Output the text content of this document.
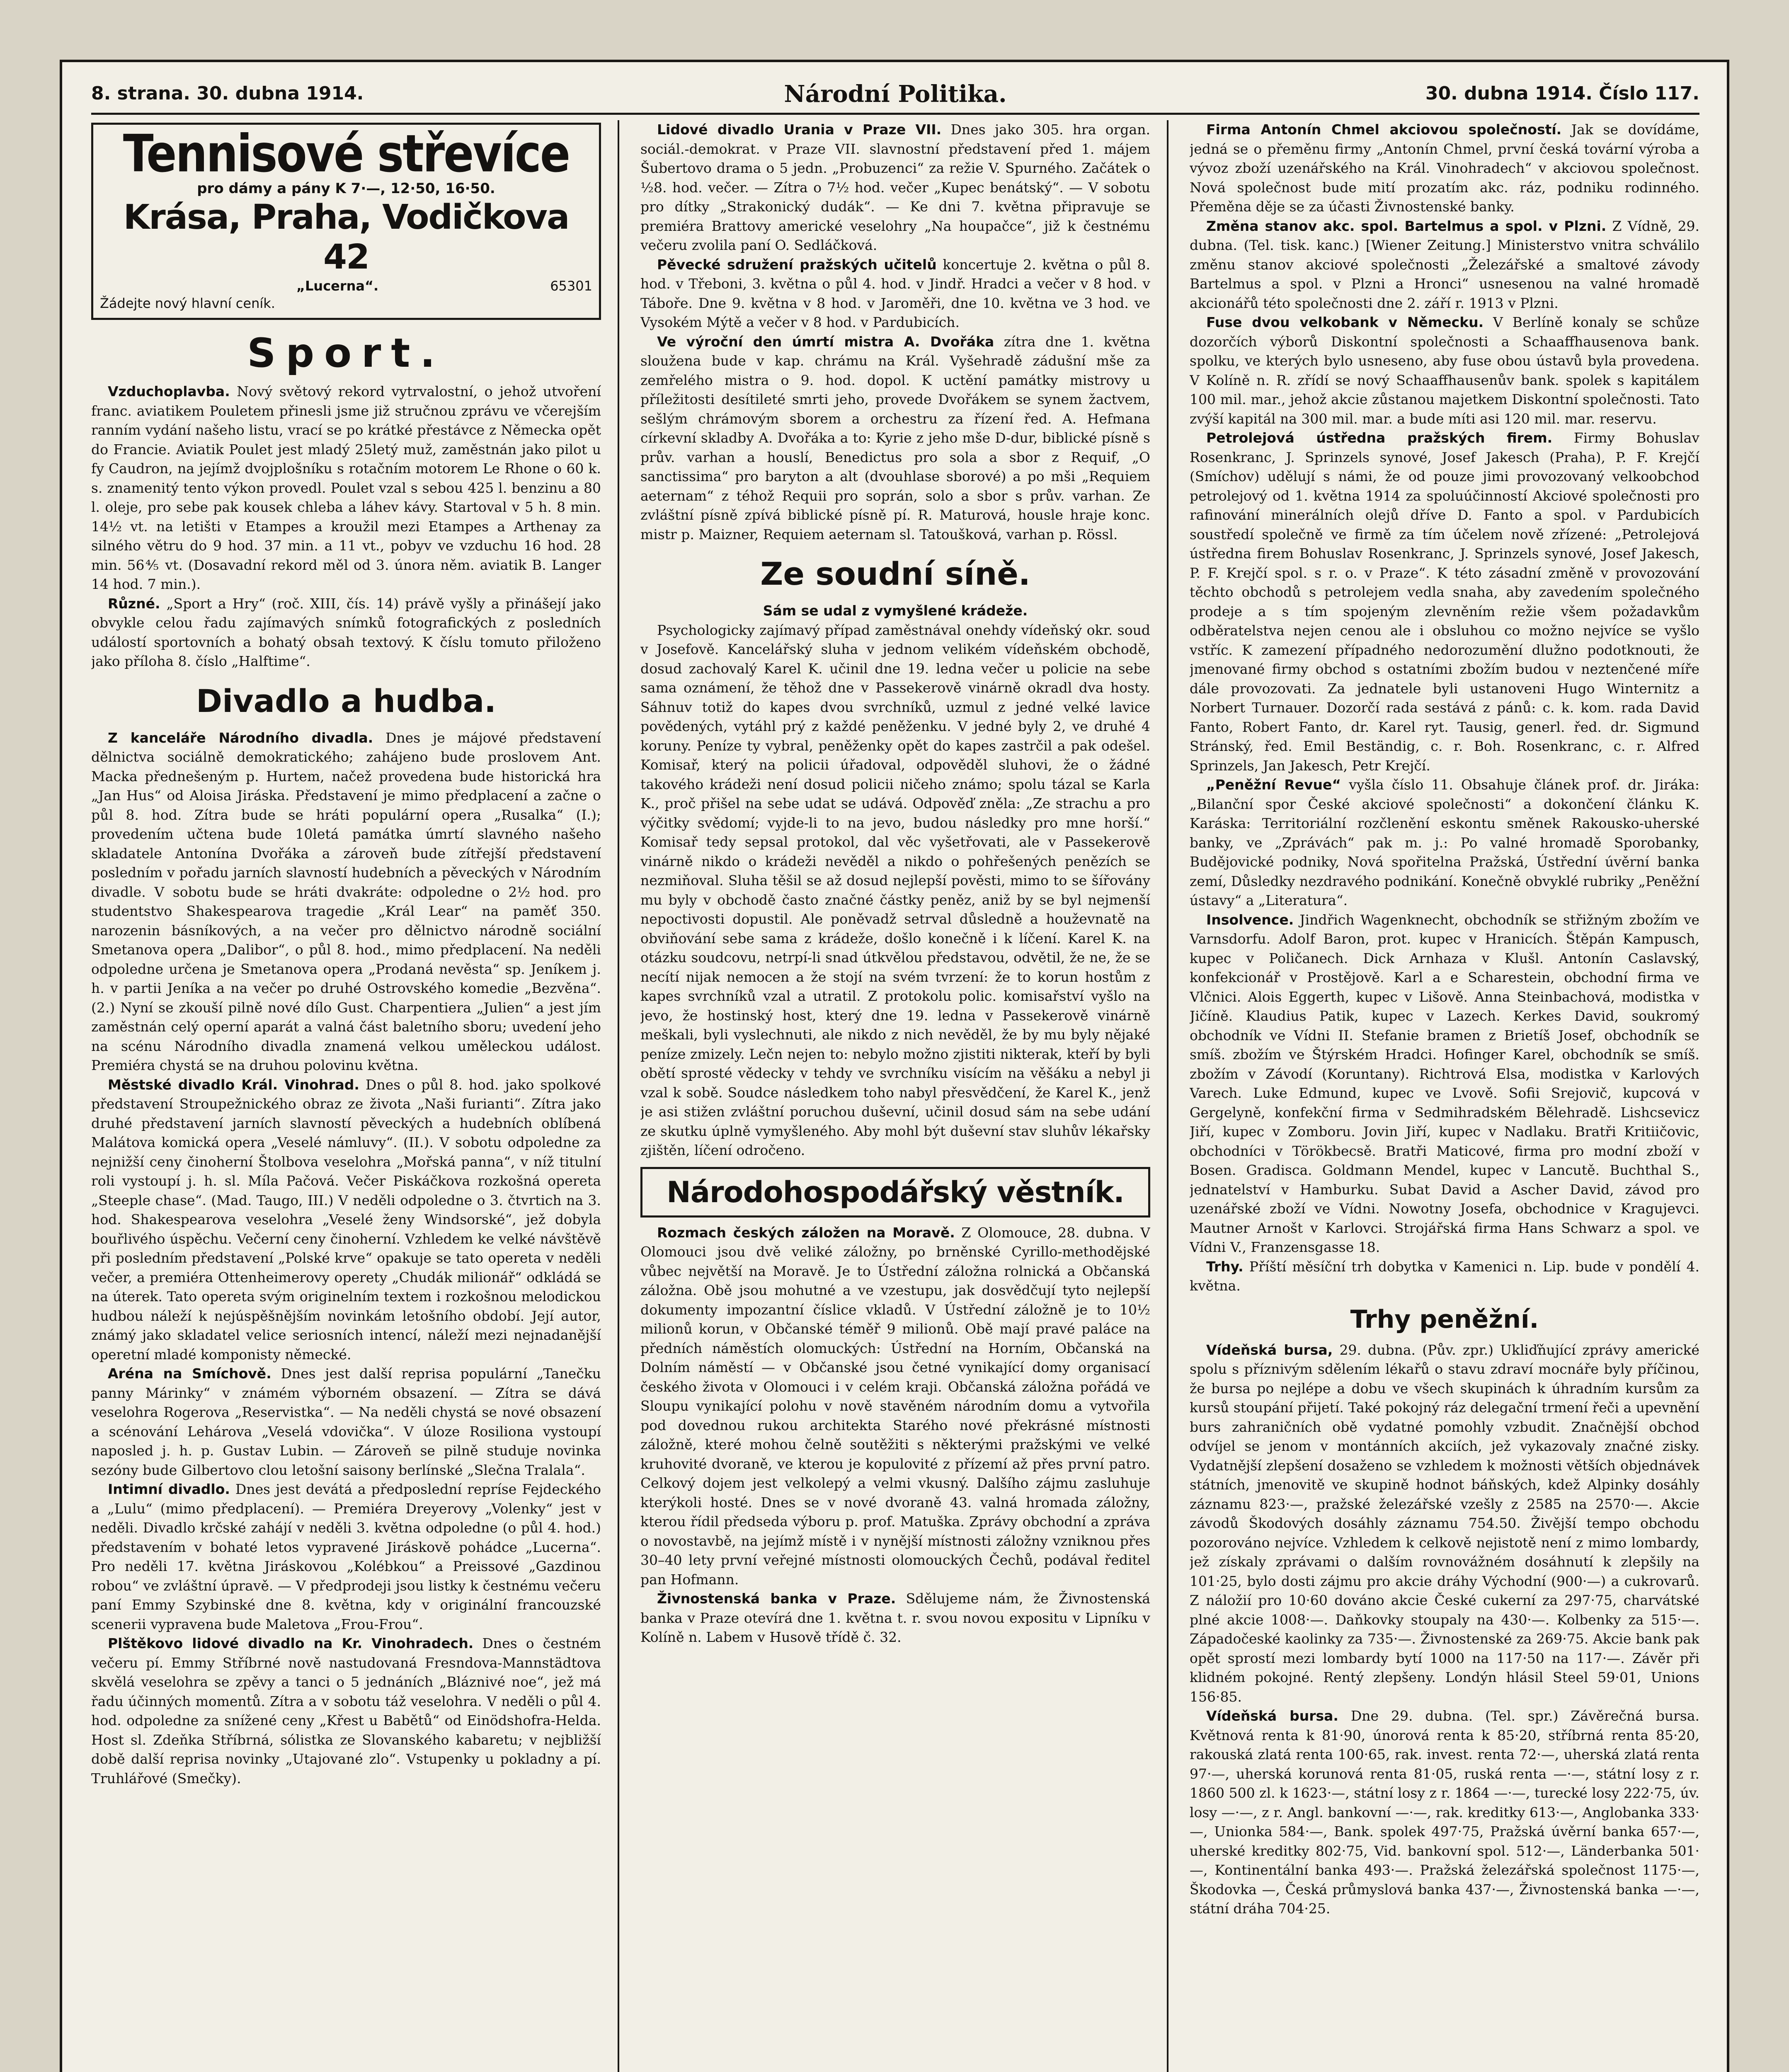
8. strana. 30. dubna 1914.	Národní Politika.	30. dubna 1914. Číslo 117.
Tennisové střevíce
pro dámy a pány K 7·—, 12·50, 16·50.
Krása, Praha, Vodičkova 42
„Lucerna“.	65301
Žádejte nový hlavní ceník.
Sport.

Vzduchoplavba. Nový světový rekord vytrvalostní, o jehož utvoření franc. aviatikem Pouletem přinesli jsme již stručnou zprávu ve včerejším ranním vydání našeho listu, vrací se po krátké přestávce z Německa opět do Francie. Aviatik Poulet jest mladý 25letý muž, zaměstnán jako pilot u fy Caudron, na jejímž dvojplošníku s rotačním motorem Le Rhone o 60 k. s. znamenitý tento výkon provedl. Poulet vzal s sebou 425 l. benzinu a 80 l. oleje, pro sebe pak kousek chleba a láhev kávy. Startoval v 5 h. 8 min. 14½ vt. na letišti v Etampes a kroužil mezi Etampes a Arthenay za silného větru do 9 hod. 37 min. a 11 vt., pobyv ve vzduchu 16 hod. 28 min. 56⅘ vt. (Dosavadní rekord měl od 3. února něm. aviatik B. Langer 14 hod. 7 min.).

Různé. „Sport a Hry“ (roč. XIII, čís. 14) právě vyšly a přinášejí jako obvykle celou řadu zajímavých snímků fotografických z posledních událostí sportovních a bohatý obsah textový. K číslu tomuto přiloženo jako příloha 8. číslo „Halftime“.

Divadlo a hudba.

Z kanceláře Národního divadla. Dnes je májové představení dělnictva sociálně demokratického; zahájeno bude proslovem Ant. Macka přednešeným p. Hurtem, načež provedena bude historická hra „Jan Hus“ od Aloisa Jiráska. Představení je mimo předplacení a začne o půl 8. hod. Zítra bude se hráti populární opera „Rusalka“ (I.); provedením učtena bude 10letá památka úmrtí slavného našeho skladatele Antonína Dvořáka a zároveň bude zítřejší představení posledním v pořadu jarních slavností hudebních a pěveckých v Národním divadle. V sobotu bude se hráti dvakráte: odpoledne o 2½ hod. pro studentstvo Shakespearova tragedie „Král Lear“ na paměť 350. narozenin básníkových, a na večer pro dělnictvo národně sociální Smetanova opera „Dalibor“, o půl 8. hod., mimo předplacení. Na neděli odpoledne určena je Smetanova opera „Prodaná nevěsta“ sp. Jeníkem j. h. v partii Jeníka a na večer po druhé Ostrovského komedie „Bezvěna“. (2.) Nyní se zkouší pilně nové dílo Gust. Charpentiera „Julien“ a jest jím zaměstnán celý operní aparát a valná část baletního sboru; uvedení jeho na scénu Národního divadla znamená velkou uměleckou událost. Premiéra chystá se na druhou polovinu května.

Městské divadlo Král. Vinohrad. Dnes o půl 8. hod. jako spolkové představení Stroupežnického obraz ze života „Naši furianti“. Zítra jako druhé představení jarních slavností pěveckých a hudebních oblíbená Malátova komická opera „Veselé námluvy“. (II.). V sobotu odpoledne za nejnižší ceny činoherní Štolbova veselohra „Mořská panna“, v níž titulní roli vystoupí j. h. sl. Míla Pačová. Večer Piskáčkova rozkošná opereta „Steeple chase“. (Mad. Taugo, III.) V neděli odpoledne o 3. čtvrtich na 3. hod. Shakespearova veselohra „Veselé ženy Windsorské“, jež dobyla bouřlivého úspěchu. Večerní ceny činoherní. Vzhledem ke velké návštěvě při posledním představení „Polské krve“ opakuje se tato opereta v neděli večer, a premiéra Ottenheimerovy operety „Chudák milionář“ odkládá se na úterek. Tato opereta svým originelním textem i rozkošnou melodickou hudbou náleží k nejúspěšnějším novinkám letošního období. Její autor, známý jako skladatel velice seriosních intencí, náleží mezi nejnadanější operetní mladé komponisty německé.

Aréna na Smíchově. Dnes jest další reprisa populární „Tanečku panny Márinky“ v známém výborném obsazení. — Zítra se dává veselohra Rogerova „Reservistka“. — Na neděli chystá se nové obsazení a scénování Lehárova „Veselá vdovička“. V úloze Rosiliona vystoupí naposled j. h. p. Gustav Lubin. — Zároveň se pilně studuje novinka sezóny bude Gilbertovo clou letošní saisony berlínské „Slečna Tralala“.

Intimní divadlo. Dnes jest devátá a předposlední repríse Fejdeckého a „Lulu“ (mimo předplacení). — Premiéra Dreyerovy „Volenky“ jest v neděli. Divadlo krčské zahájí v neděli 3. května odpoledne (o půl 4. hod.) představením v bohaté letos vypravené Jiráskově pohádce „Lucerna“. Pro neděli 17. května Jiráskovou „Kolébkou“ a Preissové „Gazdinou robou“ ve zvláštní úpravě. — V předprodeji jsou listky k čestnému večeru paní Emmy Szybinské dne 8. května, kdy v originální francouzské scenerii vypravena bude Maletova „Frou-Frou“.

Plštěkovo lidové divadlo na Kr. Vinohradech. Dnes o čestném večeru pí. Emmy Stříbrné nově nastudovaná Fresndova-Mannstädtova skvělá veselohra se zpěvy a tanci o 5 jednáních „Bláznivé noe“, jež má řadu účinných momentů. Zítra a v sobotu táž veselohra. V neděli o půl 4. hod. odpoledne za snížené ceny „Křest u Babětů“ od Einödshofra-Helda. Host sl. Zdeňka Stříbrná, sólistka ze Slovanského kabaretu; v nejbližší době další reprisa novinky „Utajované zlo“. Vstupenky u pokladny a pí. Truhlářové (Smečky).

Lidové divadlo Urania v Praze VII. Dnes jako 305. hra organ. sociál.-demokrat. v Praze VII. slavnostní představení před 1. májem Šubertovo drama o 5 jedn. „Probuzenci“ za režie V. Spurného. Začátek o ½8. hod. večer. — Zítra o 7½ hod. večer „Kupec benátský“. — V sobotu pro dítky „Strakonický dudák“. — Ke dni 7. května připravuje se premiéra Brattovy americké veselohry „Na houpačce“, již k čestnému večeru zvolila paní O. Sedláčková.

Pěvecké sdružení pražských učitelů koncertuje 2. května o půl 8. hod. v Třeboni, 3. května o půl 4. hod. v Jindř. Hradci a večer v 8 hod. v Táboře. Dne 9. května v 8 hod. v Jaroměři, dne 10. května ve 3 hod. ve Vysokém Mýtě a večer v 8 hod. v Pardubicích.

Ve výroční den úmrtí mistra A. Dvořáka zítra dne 1. května sloužena bude v kap. chrámu na Král. Vyšehradě zádušní mše za zemřelého mistra o 9. hod. dopol. K uctění památky mistrovy u příležitosti desítileté smrti jeho, provede Dvořákem se synem žactvem, sešlým chrámovým sborem a orchestru za řízení řed. A. Hefmana církevní skladby A. Dvořáka a to: Kyrie z jeho mše D-dur, biblické písně s prův. varhan a houslí, Benedictus pro sola a sbor z Requif, „O sanctissima“ pro baryton a alt (dvouhlase sborové) a po mši „Requiem aeternam“ z téhož Requii pro soprán, solo a sbor s prův. varhan. Ze zvláštní písně zpívá biblické písně pí. R. Maturová, housle hraje konc. mistr p. Maizner, Requiem aeternam sl. Tatoušková, varhan p. Rössl.

Ze soudní síně.

Sám se udal z vymyšlené krádeže.

Psychologicky zajímavý případ zaměstnával onehdy vídeňský okr. soud v Josefově. Kancelářský sluha v jednom velikém vídeňském obchodě, dosud zachovalý Karel K. učinil dne 19. ledna večer u policie na sebe sama oznámení, že těhož dne v Passekerově vinárně okradl dva hosty. Sáhnuv totiž do kapes dvou svrchníků, uzmul z jedné velké lavice povědených, vytáhl prý z každé peněženku. V jedné byly 2, ve druhé 4 koruny. Peníze ty vybral, peněženky opět do kapes zastrčil a pak odešel. Komisař, který na policii úřadoval, odpověděl sluhovi, že o žádné takového krádeži není dosud policii ničeho známo; spolu tázal se Karla K., proč přišel na sebe udat se udává. Odpověď zněla: „Ze strachu a pro výčitky svědomí; vyjde-li to na jevo, budou následky pro mne horší.“ Komisař tedy sepsal protokol, dal věc vyšetřovati, ale v Passekerově vinárně nikdo o krádeži nevěděl a nikdo o pohřešených penězích se nezmiňoval. Sluha těšil se až dosud nejlepší pověsti, mimo to se šířovány mu byly v obchodě často značné částky peněz, aniž by se byl nejmenší nepoctivosti dopustil. Ale poněvadž setrval důsledně a houževnatě na obviňování sebe sama z krádeže, došlo konečně i k líčení. Karel K. na otázku soudcovu, netrpí-li snad útkvělou představou, odvětil, že ne, že se necítí nijak nemocen a že stojí na svém tvrzení: že to korun hostům z kapes svrchníků vzal a utratil. Z protokolu polic. komisařství vyšlo na jevo, že hostinský host, který dne 19. ledna v Passekerově vinárně meškali, byli vyslechnuti, ale nikdo z nich nevěděl, že by mu byly nějaké peníze zmizely. Lečn nejen to: nebylo možno zjistiti nikterak, kteří by byli obětí sprosté vědecky v tehdy ve svrchníku visícím na věšáku a nebyl ji vzal k sobě. Soudce následkem toho nabyl přesvědčení, že Karel K., jenž je asi stižen zvláštní poruchou duševní, učinil dosud sám na sebe udání ze skutku úplně vymyšleného. Aby mohl být duševní stav sluhův lékařsky zjištěn, líčení odročeno.

Národohospodářský věstník.

Rozmach českých záložen na Moravě. Z Olomouce, 28. dubna. V Olomouci jsou dvě veliké záložny, po brněnské Cyrillo-methodějské vůbec největší na Moravě. Je to Ústřední záložna rolnická a Občanská záložna. Obě jsou mohutné a ve vzestupu, jak dosvědčují tyto nejlepší dokumenty impozantní číslice vkladů. V Ústřední záložně je to 10½ milionů korun, v Občanské téměř 9 milionů. Obě mají pravé paláce na předních náměstích olomuckých: Ústřední na Horním, Občanská na Dolním náměstí — v Občanské jsou četné vynikající domy organisací českého života v Olomouci i v celém kraji. Občanská záložna pořádá ve Sloupu vynikající polohu v nově stavěném národním domu a vytvořila pod dovednou rukou architekta Starého nové překrásné místnosti záložně, které mohou čelně soutěžiti s některými pražskými ve velké kruhovité dvoraně, ve kterou je kopulovité z přízemí až přes první patro. Celkový dojem jest velkolepý a velmi vkusný. Dalšího zájmu zasluhuje kterýkoli hosté. Dnes se v nové dvoraně 43. valná hromada záložny, kterou řídil předseda výboru p. prof. Matuška. Zprávy obchodní a zpráva o novostavbě, na jejímž místě i v nynější místnosti záložny vzniknou přes 30–40 lety první veřejné místnosti olomouckých Čechů, podával ředitel pan Hofmann.

Živnostenská banka v Praze. Sdělujeme nám, že Živnostenská banka v Praze otevírá dne 1. května t. r. svou novou expositu v Lipníku v Kolíně n. Labem v Husově třídě č. 32.

Firma Antonín Chmel akciovou společností. Jak se dovídáme, jedná se o přeměnu firmy „Antonín Chmel, první česká tovární výroba a vývoz zboží uzenářského na Král. Vinohradech“ v akciovou společnost. Nová společnost bude mití prozatím akc. ráz, podniku rodinného. Přeměna děje se za účasti Živnostenské banky.

Změna stanov akc. spol. Bartelmus a spol. v Plzni. Z Vídně, 29. dubna. (Tel. tisk. kanc.) [Wiener Zeitung.] Ministerstvo vnitra schválilo změnu stanov akciové společnosti „Železářské a smaltové závody Bartelmus a spol. v Plzni a Hronci“ usnesenou na valné hromadě akcionářů této společnosti dne 2. září r. 1913 v Plzni.

Fuse dvou velkobank v Německu. V Berlíně konaly se schůze dozorčích výborů Diskontní společnosti a Schaaffhausenova bank. spolku, ve kterých bylo usneseno, aby fuse obou ústavů byla provedena. V Kolíně n. R. zřídí se nový Schaaffhausenův bank. spolek s kapitálem 100 mil. mar., jehož akcie zůstanou majetkem Diskontní společnosti. Tato zvýší kapitál na 300 mil. mar. a bude míti asi 120 mil. mar. reservu.

Petrolejová ústředna pražských firem. Firmy Bohuslav Rosenkranc, J. Sprinzels synové, Josef Jakesch (Praha), P. F. Krejčí (Smíchov) udělují s námi, že od pouze jimi provozovaný velkoobchod petrolejový od 1. května 1914 za spoluúčinností Akciové společnosti pro rafinování minerálních olejů dříve D. Fanto a spol. v Pardubicích soustředí společně ve firmě za tím účelem nově zřízené: „Petrolejová ústředna firem Bohuslav Rosenkranc, J. Sprinzels synové, Josef Jakesch, P. F. Krejčí spol. s r. o. v Praze“. K této zásadní změně v provozování těchto obchodů s petrolejem vedla snaha, aby zavedením společného prodeje a s tím spojeným zlevněním režie všem požadavkům odběratelstva nejen cenou ale i obsluhou co možno nejvíce se vyšlo vstříc. K zamezení případného nedorozumění dlužno podotknouti, že jmenované firmy obchod s ostatními zbožím budou v neztenčené míře dále provozovati. Za jednatele byli ustanoveni Hugo Winternitz a Norbert Turnauer. Dozorčí rada sestává z pánů: c. k. kom. rada David Fanto, Robert Fanto, dr. Karel ryt. Tausig, generl. řed. dr. Sigmund Stránský, řed. Emil Beständig, c. r. Boh. Rosenkranc, c. r. Alfred Sprinzels, Jan Jakesch, Petr Krejčí.

„Peněžní Revue“ vyšla číslo 11. Obsahuje článek prof. dr. Jiráka: „Bilanční spor České akciové společnosti“ a dokončení článku K. Karáska: Territoriální rozčlenění eskontu směnek Rakousko-uherské banky, ve „Zprávách“ pak m. j.: Po valné hromadě Sporobanky, Budějovické podniky, Nová spořitelna Pražská, Ústřední úvěrní banka zemí, Důsledky nezdravého podnikání. Konečně obvyklé rubriky „Peněžní ústavy“ a „Literatura“.

Insolvence. Jindřich Wagenknecht, obchodník se střižným zbožím ve Varnsdorfu. Adolf Baron, prot. kupec v Hranicích. Štěpán Kampusch, kupec v Poličanech. Dick Arnhaza v Klušl. Antonín Caslavský, konfekcionář v Prostějově. Karl a e Scharestein, obchodní firma ve Vlčnici. Alois Eggerth, kupec v Lišově. Anna Steinbachová, modistka v Jičíně. Klaudius Patik, kupec v Lazech. Kerkes David, soukromý obchodník ve Vídni II. Stefanie bramen z Brietíš Josef, obchodník se smíš. zbožím ve Štýrském Hradci. Hofinger Karel, obchodník se smíš. zbožím v Závodí (Koruntany). Richtrová Elsa, modistka v Karlových Varech. Luke Edmund, kupec ve Lvově. Sofii Srejovič, kupcová v Gergelyně, konfekční firma v Sedmihradském Bělehradě. Lishcsevicz Jiří, kupec v Zomboru. Jovin Jiří, kupec v Nadlaku. Bratři Kritiičovic, obchodníci v Törökbecsě. Bratři Maticové, firma pro modní zboží v Bosen. Gradisca. Goldmann Mendel, kupec v Lancutě. Buchthal S., jednatelství v Hamburku. Subat David a Ascher David, závod pro uzenářské zboží ve Vídni. Nowotny Josefa, obchodnice v Kragujevci. Mautner Arnošt v Karlovci. Strojářská firma Hans Schwarz a spol. ve Vídni V., Franzensgasse 18.

Trhy. Příští měsíční trh dobytka v Kamenici n. Lip. bude v pondělí 4. května.

Trhy peněžní.

Vídeňská bursa, 29. dubna. (Pův. zpr.) Ukliďňující zprávy americké spolu s příznivým sdělením lékařů o stavu zdraví mocnáře byly příčinou, že bursa po nejlépe a dobu ve všech skupinách k úhradním kursům za kursů stoupání přijetí. Také pokojný ráz delegační trmení řeči a upevnění burs zahraničních obě vydatné pomohly vzbudit. Značnější obchod odvíjel se jenom v montánních akciích, jež vykazovaly značné zisky. Vydatnější zlepšení dosaženo se vzhledem k možnosti větších objednávek státních, jmenovitě ve skupině hodnot báňských, kdež Alpinky dosáhly záznamu 823·—, pražské železářské vzešly z 2585 na 2570·—. Akcie závodů Škodových dosáhly záznamu 754.50. Živější tempo obchodu pozorováno nejvíce. Vzhledem k celkově nejistotě není z mimo lombardy, jež získaly zprávami o dalším rovnovážném dosáhnutí k zlepšily na 101·25, bylo dosti zájmu pro akcie dráhy Východní (900·—) a cukrovarů. Z náložií pro 10·60 dováno akcie České cukerní za 297·75, charvátské plné akcie 1008·—. Daňkovky stoupaly na 430·—. Kolbenky za 515·—. Západočeské kaolinky za 735·—. Živnostenské za 269·75. Akcie bank pak opět sprostí mezi lombardy bytí 1000 na 117·50 na 117·—. Závěr při klidném pokojné. Rentý zlepšeny. Londýn hlásil Steel 59·01, Unions 156·85.

Vídeňská bursa. Dne 29. dubna. (Tel. spr.) Závěrečná bursa. Květnová renta k 81·90, únorová renta k 85·20, stříbrná renta 85·20, rakouská zlatá renta 100·65, rak. invest. renta 72·—, uherská zlatá renta 97·—, uherská korunová renta 81·05, ruská renta —·—, státní losy z r. 1860 500 zl. k 1623·—, státní losy z r. 1864 —·—, turecké losy 222·75, úv. losy —·—, z r. Angl. bankovní —·—, rak. kreditky 613·—, Anglobanka 333·—, Unionka 584·—, Bank. spolek 497·75, Pražská úvěrní banka 657·—, uherské kreditky 802·75, Vid. bankovní spol. 512·—, Länderbanka 501·—, Kontinentální banka 493·—. Pražská železářská společnost 1175·—, Škodovka —, Česká průmyslová banka 437·—, Živnostenská banka —·—, státní dráha 704·25.
